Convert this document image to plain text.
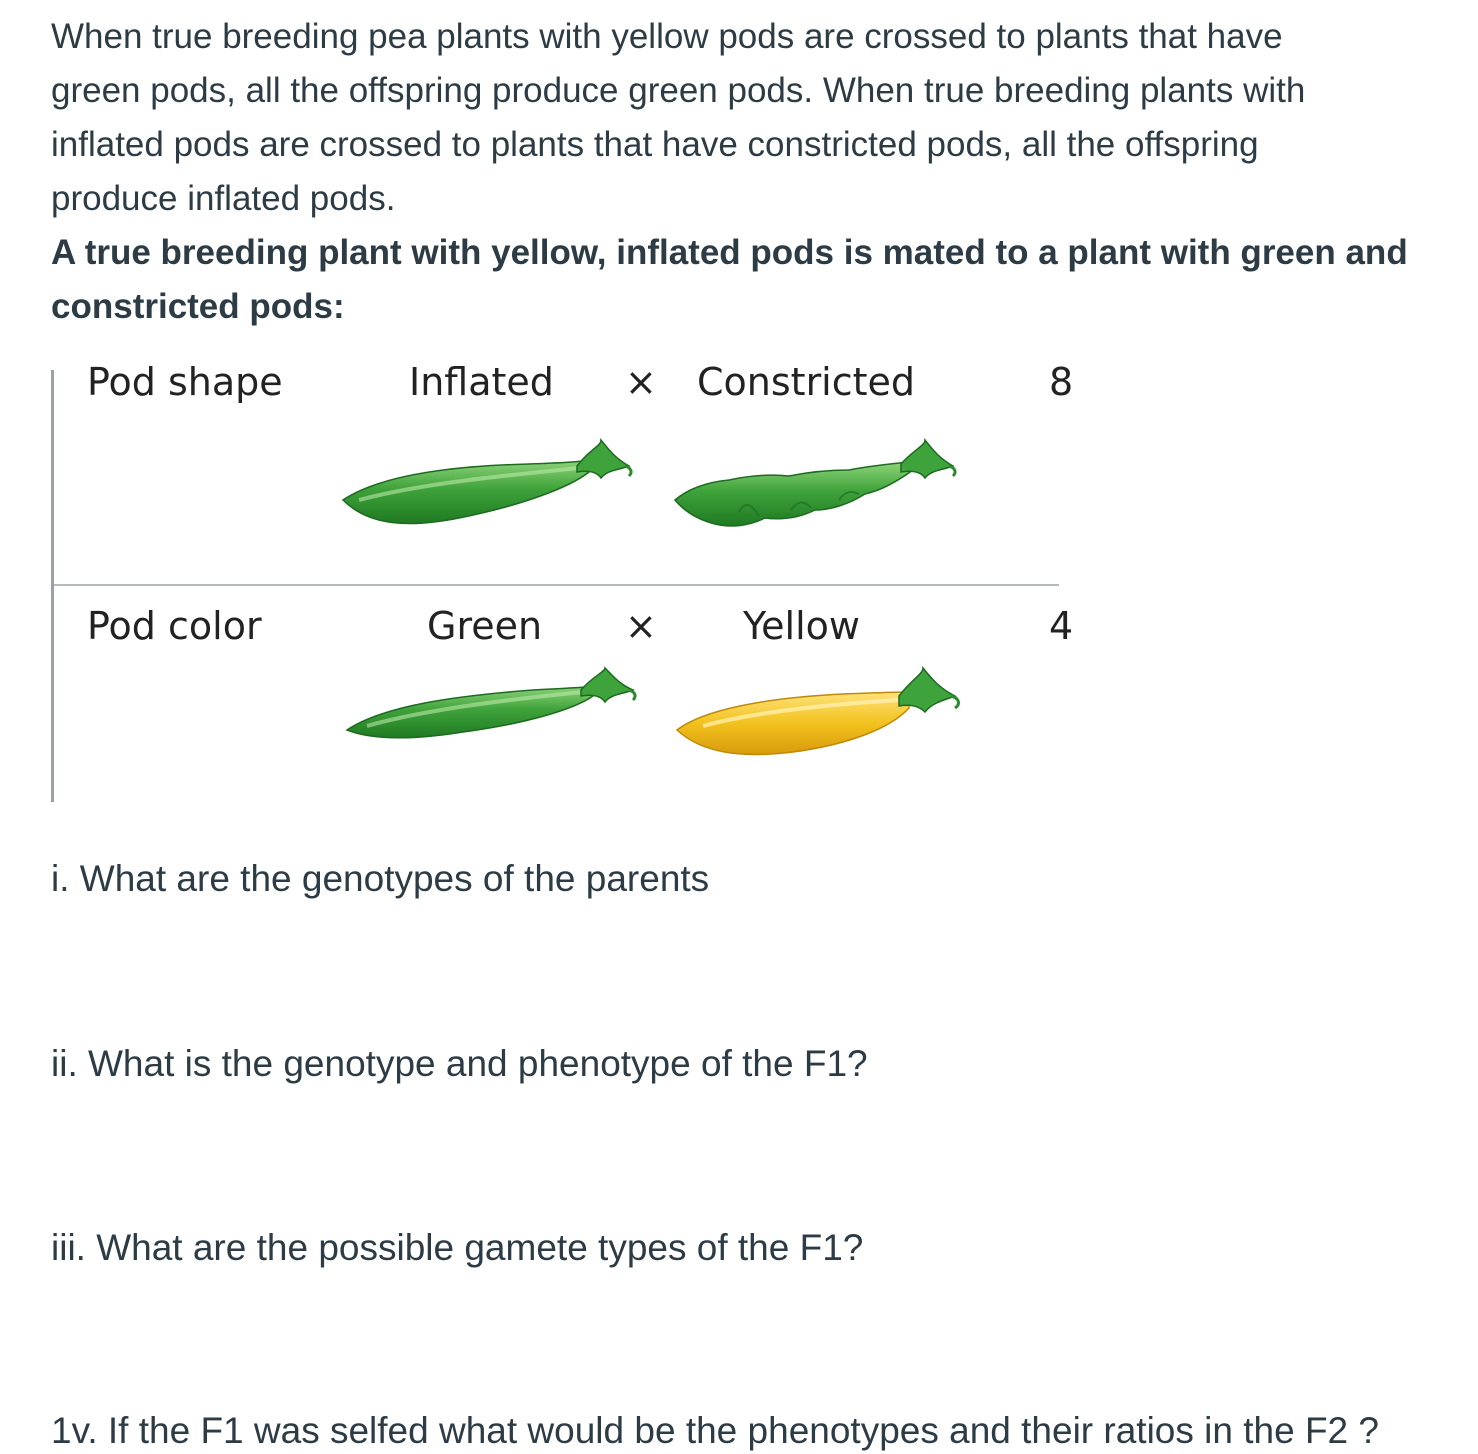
When true breeding pea plants with yellow pods are crossed to plants that have
green pods, all the offspring produce green pods. When true breeding plants with
inflated pods are crossed to plants that have constricted pods, all the offspring
produce inflated pods.
A true breeding plant with yellow, inflated pods is mated to a plant with green and
constricted pods:
Pod shape	Inflated × Constricted	8
Pod color	Green × Yellow	4

i. What are the genotypes of the parents

ii. What is the genotype and phenotype of the F1?

iii. What are the possible gamete types of the F1?

1v. If the F1 was selfed what would be the phenotypes and their ratios in the F2 ?
